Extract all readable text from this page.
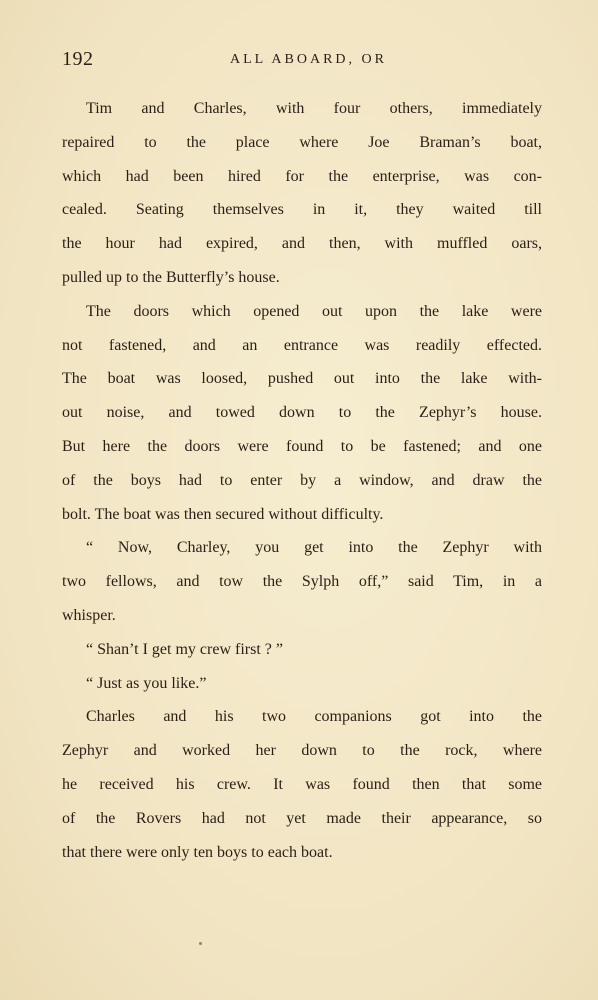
192	ALL ABOARD, OR
Tim and Charles, with four others, immediately
repaired to the place where Joe Braman’s boat,
which had been hired for the enterprise, was con-
cealed. Seating themselves in it, they waited till
the hour had expired, and then, with muffled oars,
pulled up to the Butterfly’s house.
The doors which opened out upon the lake were
not fastened, and an entrance was readily effected.
The boat was loosed, pushed out into the lake with-
out noise, and towed down to the Zephyr’s house.
But here the doors were found to be fastened; and one
of the boys had to enter by a window, and draw the
bolt. The boat was then secured without difficulty.
“ Now, Charley, you get into the Zephyr with
two fellows, and tow the Sylph off,” said Tim, in a
whisper.
“ Shan’t I get my crew first ? ”
“ Just as you like.”
Charles and his two companions got into the
Zephyr and worked her down to the rock, where
he received his crew. It was found then that some
of the Rovers had not yet made their appearance, so
that there were only ten boys to each boat.
